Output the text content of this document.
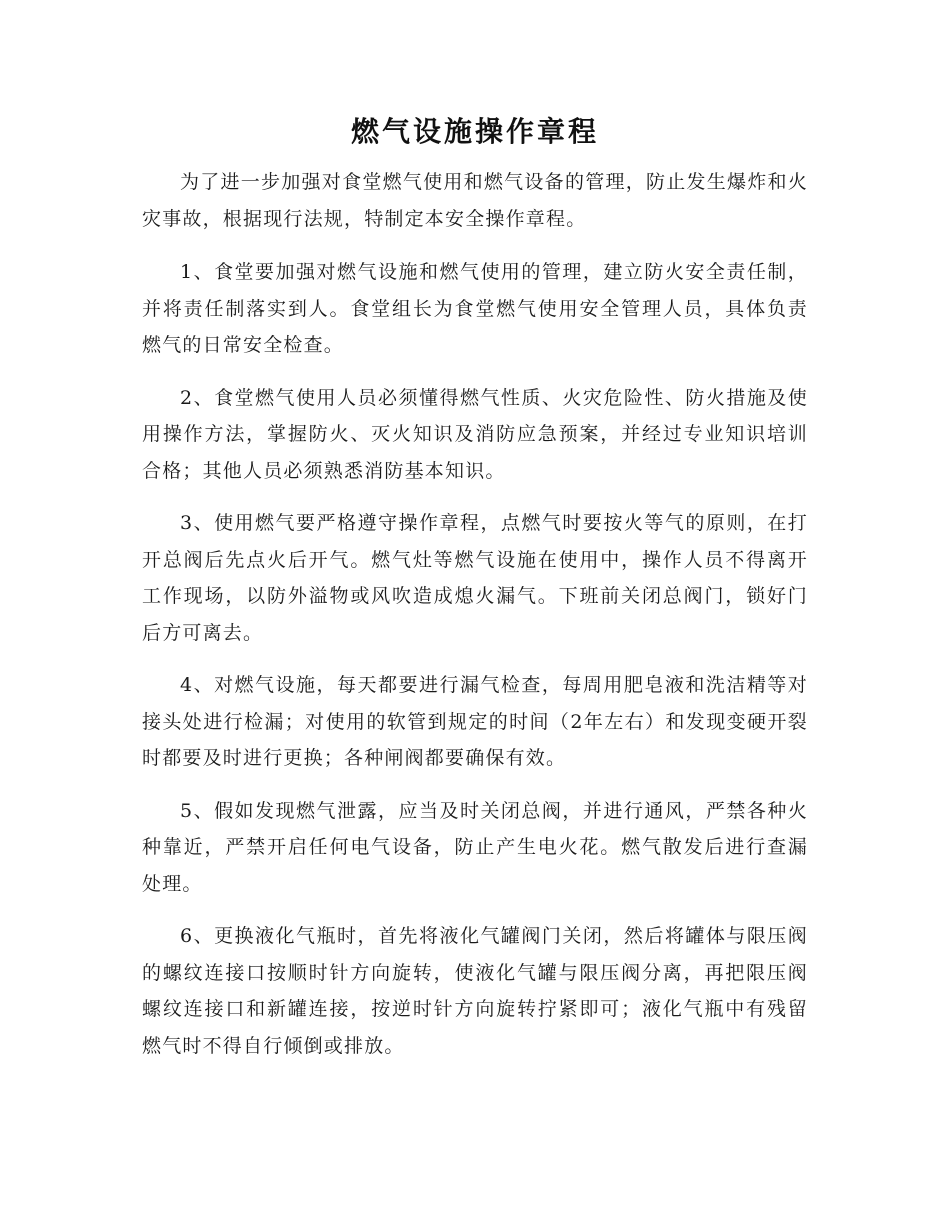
燃气设施操作章程

为了进一步加强对食堂燃气使用和燃气设备的管理，防止发生爆炸和火灾事故，根据现行法规，特制定本安全操作章程。

1、食堂要加强对燃气设施和燃气使用的管理，建立防火安全责任制，并将责任制落实到人。食堂组长为食堂燃气使用安全管理人员，具体负责燃气的日常安全检查。

2、食堂燃气使用人员必须懂得燃气性质、火灾危险性、防火措施及使用操作方法，掌握防火、灭火知识及消防应急预案，并经过专业知识培训合格；其他人员必须熟悉消防基本知识。

3、使用燃气要严格遵守操作章程，点燃气时要按火等气的原则，在打开总阀后先点火后开气。燃气灶等燃气设施在使用中，操作人员不得离开工作现场，以防外溢物或风吹造成熄火漏气。下班前关闭总阀门，锁好门后方可离去。

4、对燃气设施，每天都要进行漏气检查，每周用肥皂液和洗洁精等对接头处进行检漏；对使用的软管到规定的时间（2年左右）和发现变硬开裂时都要及时进行更换；各种闸阀都要确保有效。

5、假如发现燃气泄露，应当及时关闭总阀，并进行通风，严禁各种火种靠近，严禁开启任何电气设备，防止产生电火花。燃气散发后进行查漏处理。

6、更换液化气瓶时，首先将液化气罐阀门关闭，然后将罐体与限压阀的螺纹连接口按顺时针方向旋转，使液化气罐与限压阀分离，再把限压阀螺纹连接口和新罐连接，按逆时针方向旋转拧紧即可；液化气瓶中有残留燃气时不得自行倾倒或排放。
